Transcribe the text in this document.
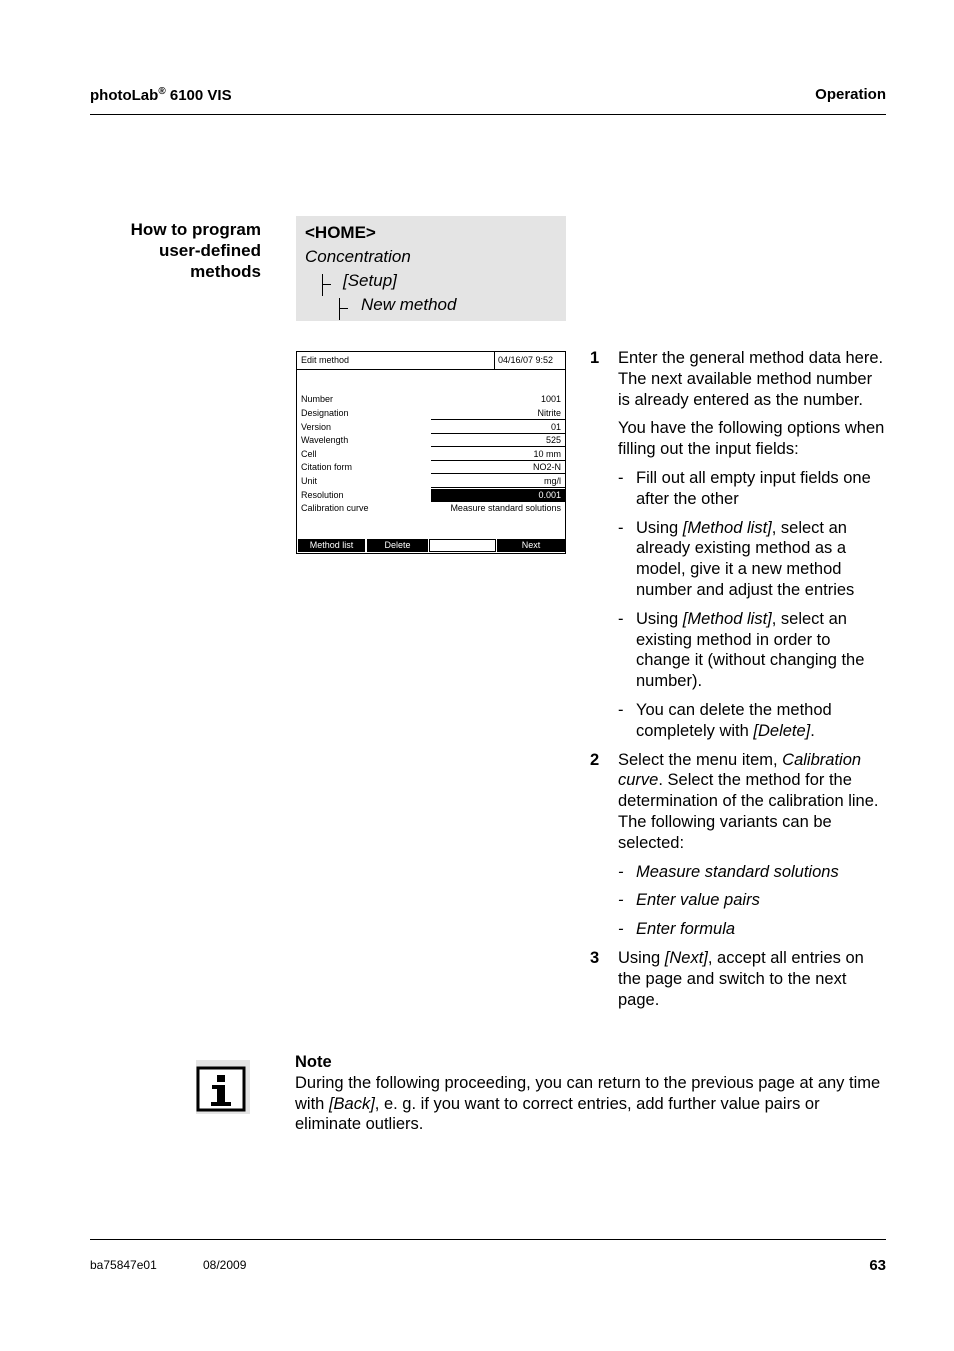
photoLab® 6100 VIS	Operation
How to program
user-defined
methods
<HOME>
Concentration
[Setup]
New method
Edit method	04/16/07 9:52
Number	1001
Designation	Nitrite
Version	01
Wavelength	525
Cell	10 mm
Citation form	NO2-N
Unit	mg/l
Resolution	0.001
Calibration curve	Measure standard solutions
Method list	Delete	Next
1 Enter the general method data here. The next available method number is already entered as the number.

You have the following options when filling out the input fields:

- Fill out all empty input fields one after the other
- Using [Method list], select an already existing method as a model, give it a new method number and adjust the entries
- Using [Method list], select an existing method in order to change it (without changing the number).
- You can delete the method completely with [Delete].
2 Select the menu item, Calibration curve. Select the method for the determination of the calibration line. The following variants can be selected:

- Measure standard solutions
- Enter value pairs
- Enter formula
3 Using [Next], accept all entries on the page and switch to the next page.

Note
During the following proceeding, you can return to the previous page at any time with [Back], e. g. if you want to correct entries, add further value pairs or eliminate outliers.
ba75847e01	08/2009	63
